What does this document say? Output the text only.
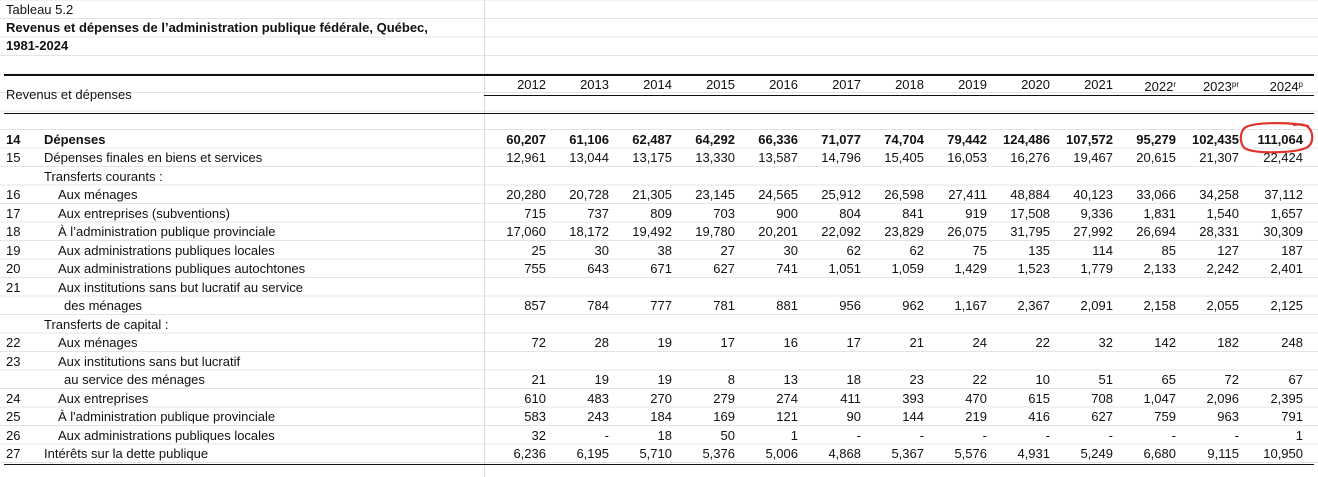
Tableau 5.2
Revenus et dépenses de l’administration publique fédérale, Québec,
1981-2024
Revenus et dépenses
2012	2013	2014	2015	2016	2017	2018	2019	2020	2021	2022$^r$	$2023^{pr}$	2024$^p$
14 Dépenses	60,207	61,106	62,487	64,292	66,336	71,077	74,704	79,442	124,486	107,572	95,279	102,435	111,064
15 Dépenses finales en biens et services	12,961	13,044	13,175	13,330	13,587	14,796	15,405	16,053	16,276	19,467	20,615	21,307	22,424
Transferts courants :
16	Aux ménages	20,280	20,728	21,305	23,145	24,565	25,912	26,598	27,411	48,884	40,123	33,066	34,258	37,112
17	Aux entreprises (subventions)	715	737	809	703	900	804	841	919	17,508	9,336	1,831	1,540	1,657
18	À l’administration publique provinciale	17,060	18,172	19,492	19,780	20,201	22,092	23,829	26,075	31,795	27,992	26,694	28,331	30,309
19	Aux administrations publiques locales	25	30	38	27	30	62	62	75	135	114	85	127	187
20	Aux administrations publiques autochtones	755	643	671	627	741	1,051	1,059	1,429	1,523	1,779	2,133	2,242	2,401
21	Aux institutions sans but lucratif au service
des ménages	857	784	777	781	881	956	962	1,167	2,367	2,091	2,158	2,055	2,125
Transferts de capital :
22	Aux ménages	72	28	19	17	16	17	21	24	22	32	142	182	248
23	Aux institutions sans but lucratif
au service des ménages	21	19	19	8	13	18	23	22	10	51	65	72	67
24	Aux entreprises	610	483	270	279	274	411	393	470	615	708	1,047	2,096	2,395
25	À l'administration publique provinciale	583	243	184	169	121	90	144	219	416	627	759	963	791
26	Aux administrations publiques locales	32	-	18	50	1	-	-	-	-	-	-	-	1
27 Intérêts sur la dette publique	6,236	6,195	5,710	5,376	5,006	4,868	5,367	5,576	4,931	5,249	6,680	9,115	10,950
